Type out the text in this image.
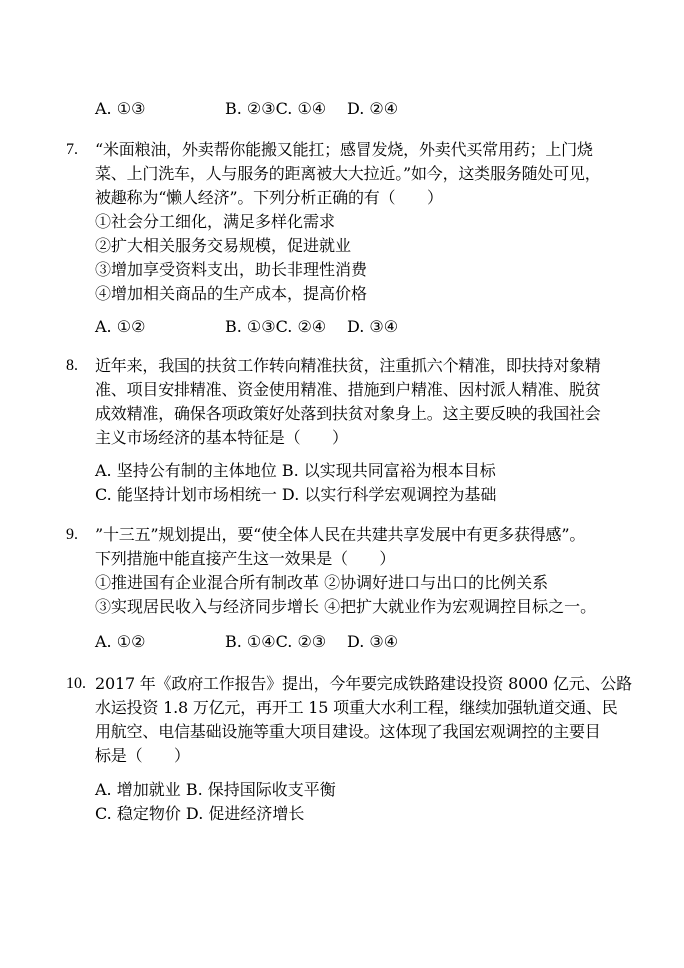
A. ①③	B. ②③C. ①④ D. ②④
7. “米面粮油，外卖帮你能搬又能扛；感冒发烧，外卖代买常用药；上门烧
菜、上门洗车，人与服务的距离被大大拉近。”如今，这类服务随处可见，
被趣称为“懒人经济”。下列分析正确的有（　　）
①社会分工细化，满足多样化需求
②扩大相关服务交易规模，促进就业
③增加享受资料支出，助长非理性消费
④增加相关商品的生产成本，提高价格
A. ①②	B. ①③C. ②④ D. ③④
8. 近年来，我国的扶贫工作转向精准扶贫，注重抓六个精准，即扶持对象精
准、项目安排精准、资金使用精准、措施到户精准、因村派人精准、脱贫
成效精准，确保各项政策好处落到扶贫对象身上。这主要反映的我国社会
主义市场经济的基本特征是（　　）
A. 坚持公有制的主体地位 B. 以实现共同富裕为根本目标
C. 能坚持计划市场相统一 D. 以实行科学宏观调控为基础
9. ”十三五”规划提出，要“使全体人民在共建共享发展中有更多获得感”。
下列措施中能直接产生这一效果是（　　）
①推进国有企业混合所有制改革 ②协调好进口与出口的比例关系
③实现居民收入与经济同步增长 ④把扩大就业作为宏观调控目标之一。
A. ①②	B. ①④C. ②③ D. ③④
10. 2017 年《政府工作报告》提出，今年要完成铁路建设投资 8000 亿元、公路
水运投资 1.8 万亿元，再开工 15 项重大水利工程，继续加强轨道交通、民
用航空、电信基础设施等重大项目建设。这体现了我国宏观调控的主要目
标是（　　）
A. 增加就业 B. 保持国际收支平衡
C. 稳定物价 D. 促进经济增长
